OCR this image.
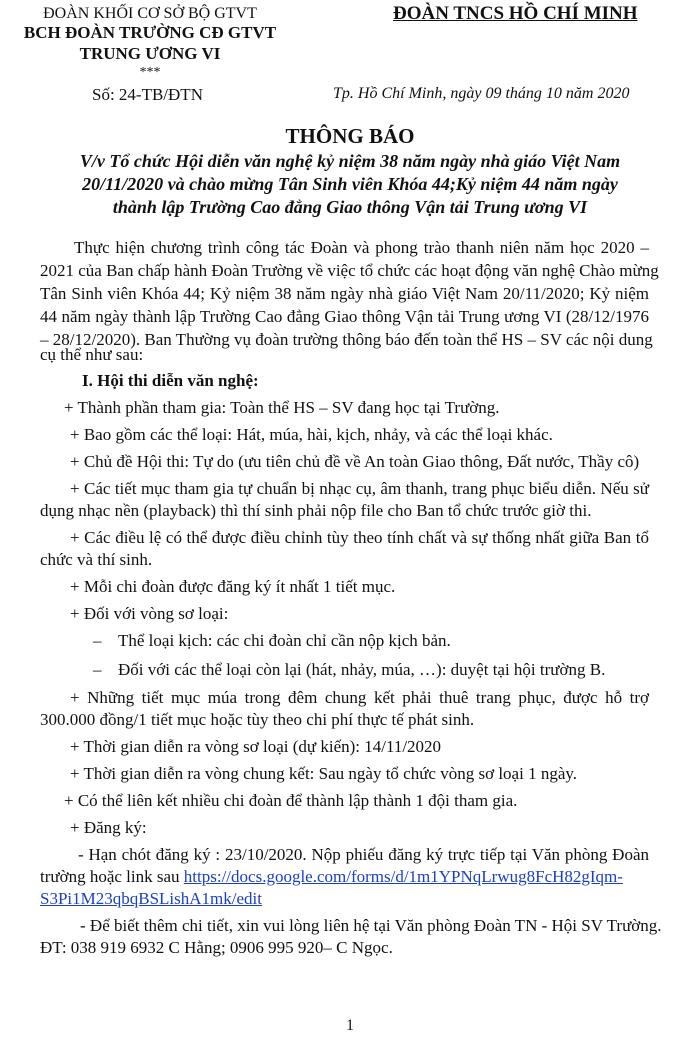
ĐOÀN KHỐI CƠ SỞ BỘ GTVT
BCH ĐOÀN TRƯỜNG CĐ GTVT
TRUNG ƯƠNG VI
***
ĐOÀN TNCS HỒ CHÍ MINH
Số: 24-TB/ĐTN	Tp. Hồ Chí Minh, ngày 09 tháng 10 năm 2020
THÔNG BÁO
V/v Tổ chức Hội diễn văn nghệ kỷ niệm 38 năm ngày nhà giáo Việt Nam
20/11/2020 và chào mừng Tân Sinh viên Khóa 44;Kỷ niệm 44 năm ngày
thành lập Trường Cao đẳng Giao thông Vận tải Trung ương VI
Thực hiện chương trình công tác Đoàn và phong trào thanh niên năm học 2020 –
2021 của Ban chấp hành Đoàn Trường về việc tổ chức các hoạt động văn nghệ Chào mừng
Tân Sinh viên Khóa 44; Kỷ niệm 38 năm ngày nhà giáo Việt Nam 20/11/2020; Kỷ niệm
44 năm ngày thành lập Trường Cao đẳng Giao thông Vận tải Trung ương VI (28/12/1976
– 28/12/2020). Ban Thường vụ đoàn trường thông báo đến toàn thể HS – SV các nội dung
cụ thể như sau:
I. Hội thi diễn văn nghệ:
+ Thành phần tham gia: Toàn thể HS – SV đang học tại Trường.
+ Bao gồm các thể loại: Hát, múa, hài, kịch, nhảy, và các thể loại khác.
+ Chủ đề Hội thi: Tự do (ưu tiên chủ đề về An toàn Giao thông, Đất nước, Thầy cô)
+ Các tiết mục tham gia tự chuẩn bị nhạc cụ, âm thanh, trang phục biểu diễn. Nếu sử
dụng nhạc nền (playback) thì thí sinh phải nộp file cho Ban tổ chức trước giờ thi.
+ Các điều lệ có thể được điều chỉnh tùy theo tính chất và sự thống nhất giữa Ban tổ
chức và thí sinh.
+ Mỗi chi đoàn được đăng ký ít nhất 1 tiết mục.
+ Đối với vòng sơ loại:
– Thể loại kịch: các chi đoàn chỉ cần nộp kịch bản.
– Đối với các thể loại còn lại (hát, nhảy, múa, …): duyệt tại hội trường B.
+ Những tiết mục múa trong đêm chung kết phải thuê trang phục, được hỗ trợ
300.000 đồng/1 tiết mục hoặc tùy theo chi phí thực tế phát sinh.
+ Thời gian diễn ra vòng sơ loại (dự kiến): 14/11/2020
+ Thời gian diễn ra vòng chung kết: Sau ngày tổ chức vòng sơ loại 1 ngày.
+ Có thể liên kết nhiều chi đoàn để thành lập thành 1 đội tham gia.
+ Đăng ký:
- Hạn chót đăng ký : 23/10/2020. Nộp phiếu đăng ký trực tiếp tại Văn phòng Đoàn
trường hoặc link sau https://docs.google.com/forms/d/1m1YPNqLrwug8FcH82gIqm-
S3Pi1M23qbqBSLishA1mk/edit
- Để biết thêm chi tiết, xin vui lòng liên hệ tại Văn phòng Đoàn TN - Hội SV Trường.
ĐT: 038 919 6932 C Hằng; 0906 995 920– C Ngọc.
1
